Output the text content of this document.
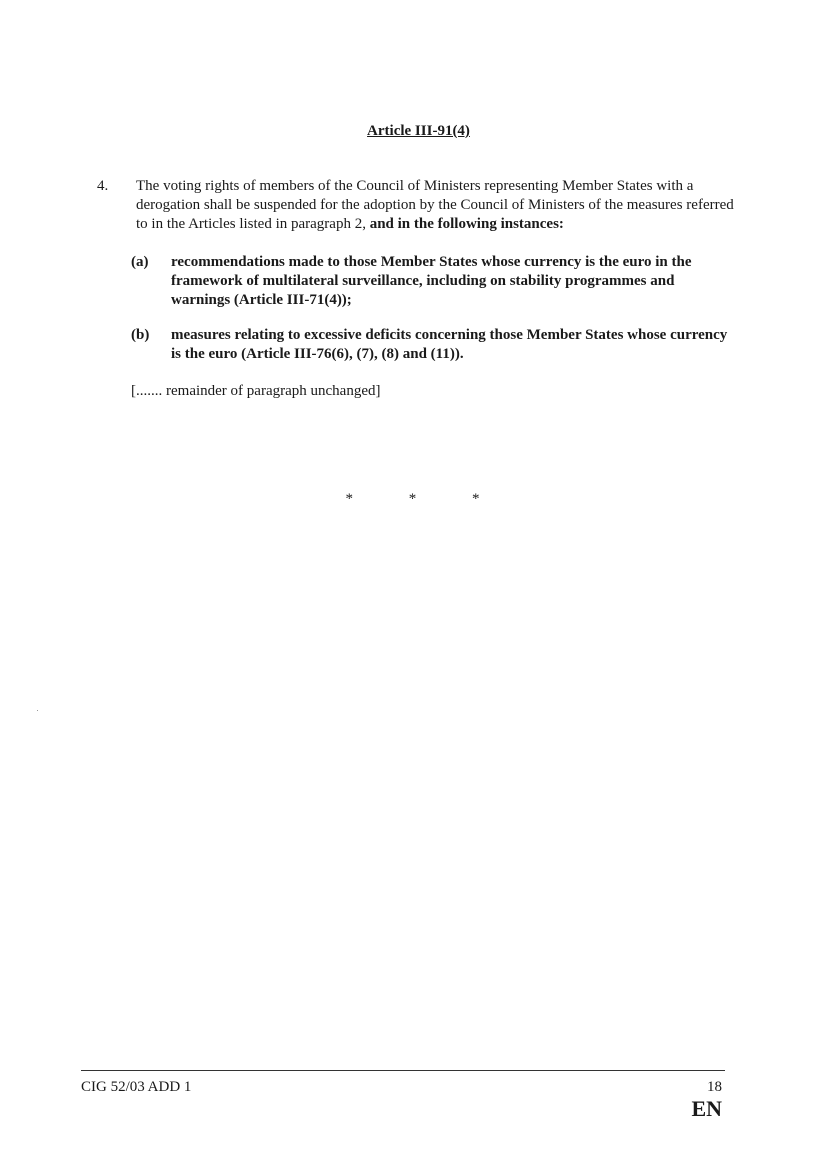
Article III-91(4)
4. The voting rights of members of the Council of Ministers representing Member States with a derogation shall be suspended for the adoption by the Council of Ministers of the measures referred to in the Articles listed in paragraph 2, and in the following instances:
(a) recommendations made to those Member States whose currency is the euro in the framework of multilateral surveillance, including on stability programmes and warnings (Article III-71(4));
(b) measures relating to excessive deficits concerning those Member States whose currency is the euro (Article III-76(6), (7), (8) and (11)).
[....... remainder of paragraph unchanged]
* * *
CIG 52/03 ADD 1	18
EN
